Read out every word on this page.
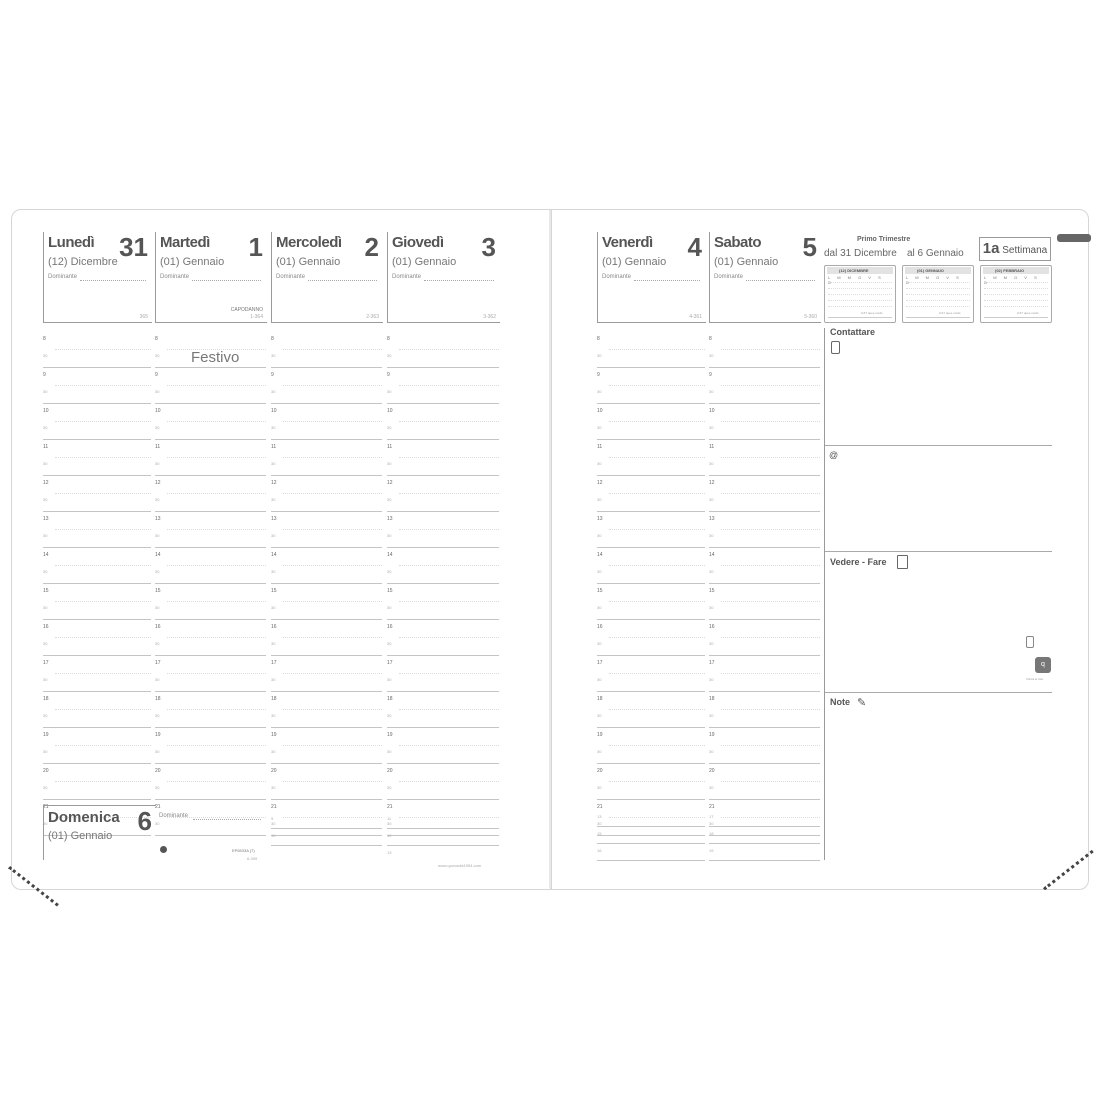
Lunedì 31
(12) Dicembre
Dominante
365
8
30
9
30
10
30
11
30
12
30
13
30
14
30
15
30
16
30
17
30
18
30
19
30
20
30
21
30
Martedì 1
(01) Gennaio
Dominante
CAPODANNO
1-364
8
30
9
30
10
30
11
30
12
30
13
30
14
30
15
30
16
30
17
30
18
30
19
30
20
30
21
30
Mercoledì 2
(01) Gennaio
Dominante
2-363
8
30
9
30
10
30
11
30
12
30
13
30
14
30
15
30
16
30
17
30
18
30
19
30
20
30
21
30
Giovedì 3
(01) Gennaio
Dominante
3-362
8
30
9
30
10
30
11
30
12
30
13
30
14
30
15
30
16
30
17
30
18
30
19
30
20
30
21
30
Festivo
Domenica 6
(01) Gennaio
Dominante
EP6533A (7)
6-359
9
10
11
12
13
www.quovadis1954.com
Venerdì 4
(01) Gennaio
Dominante
4-361
8
30
9
30
10
30
11
30
12
30
13
30
14
30
15
30
16
30
17
30
18
30
19
30
20
30
21
30
Sabato 5
(01) Gennaio
Dominante
5-360
8
30
9
30
10
30
11
30
12
30
13
30
14
30
15
30
16
30
17
30
18
30
19
30
20
30
21
30
13
15
16
17
18
19
Primo Trimestre
dal 31 Dicembre al 6 Gennaio 1a Settimana
(12) DICEMBRE
L M M G V S D
0-67 ques mods
(01) GENNAIO
L M M G V S D
0-67 ques mods
(02) FEBBRAIO
L M M G V S D
0-67 ques mods
Contattare
@
Vedere - Fare
q
Clicca le foto
Note ✎
